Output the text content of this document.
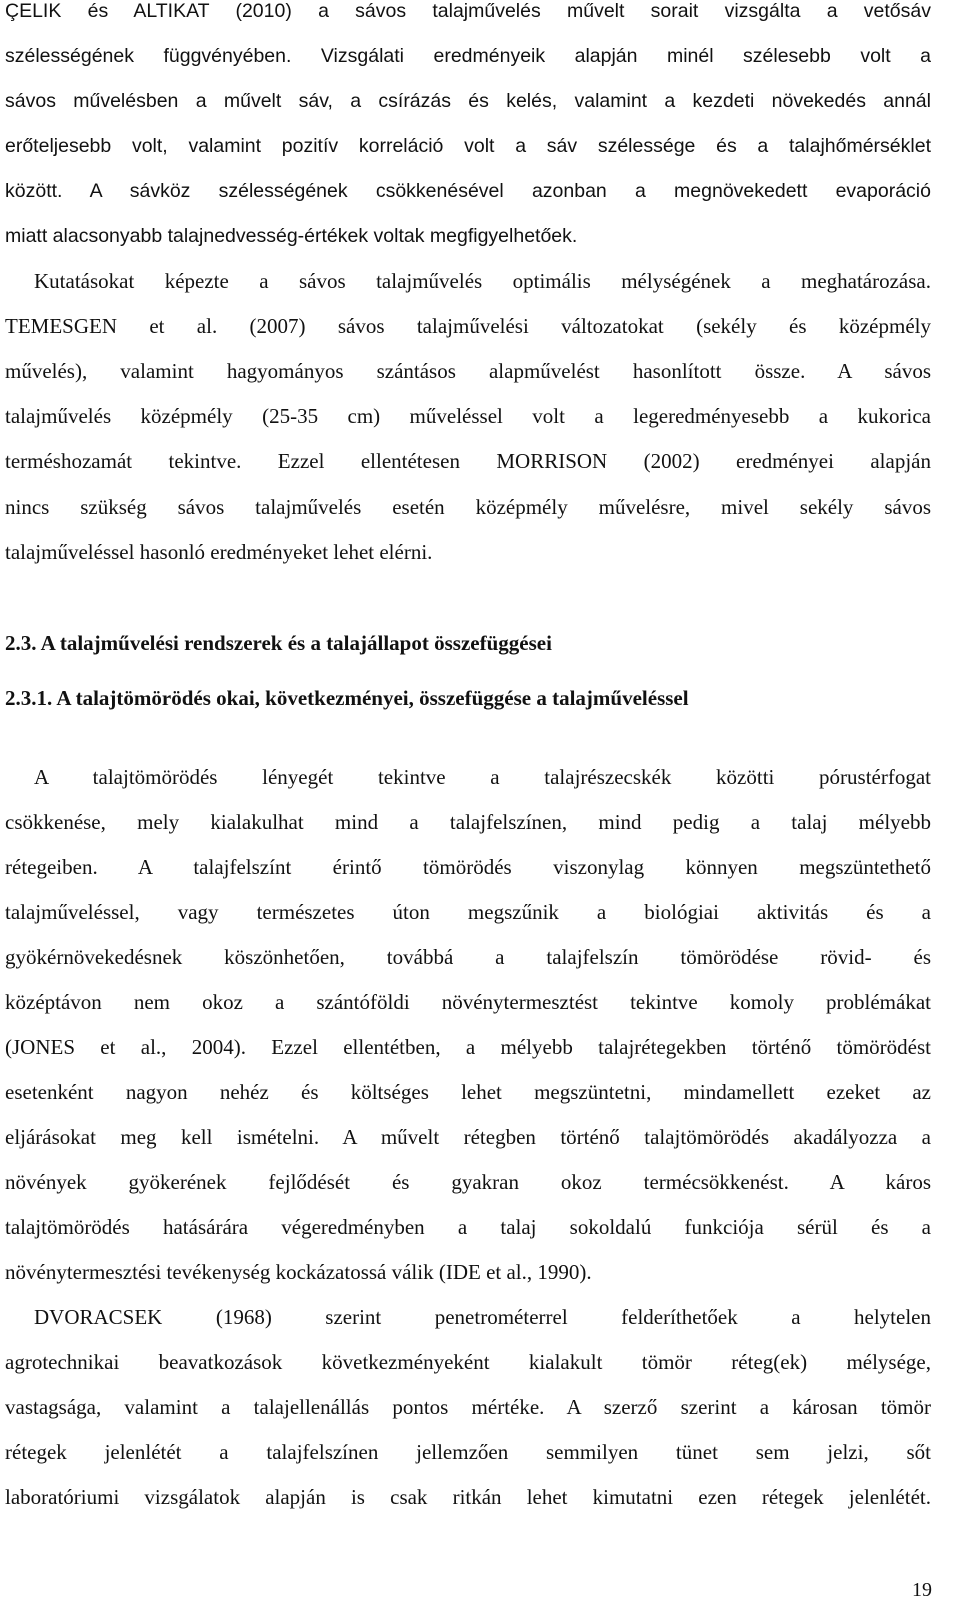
ÇELIK és ALTIKAT (2010) a sávos talajművelés művelt sorait vizsgálta a vetősáv
szélességének függvényében. Vizsgálati eredményeik alapján minél szélesebb volt a
sávos művelésben a művelt sáv, a csírázás és kelés, valamint a kezdeti növekedés annál
erőteljesebb volt, valamint pozitív korreláció volt a sáv szélessége és a talajhőmérséklet
között. A sávköz szélességének csökkenésével azonban a megnövekedett evaporáció
miatt alacsonyabb talajnedvesség-értékek voltak megfigyelhetőek.
Kutatásokat képezte a sávos talajművelés optimális mélységének a meghatározása.
TEMESGEN et al. (2007) sávos talajművelési változatokat (sekély és középmély
művelés), valamint hagyományos szántásos alapművelést hasonlított össze. A sávos
talajművelés középmély (25-35 cm) műveléssel volt a legeredményesebb a kukorica
terméshozamát tekintve. Ezzel ellentétesen MORRISON (2002) eredményei alapján
nincs szükség sávos talajművelés esetén középmély művelésre, mivel sekély sávos
talajműveléssel hasonló eredményeket lehet elérni.
2.3. A talajművelési rendszerek és a talajállapot összefüggései
2.3.1. A talajtömörödés okai, következményei, összefüggése a talajműveléssel
A talajtömörödés lényegét tekintve a talajrészecskék közötti pórustérfogat
csökkenése, mely kialakulhat mind a talajfelszínen, mind pedig a talaj mélyebb
rétegeiben. A talajfelszínt érintő tömörödés viszonylag könnyen megszüntethető
talajműveléssel, vagy természetes úton megszűnik a biológiai aktivitás és a
gyökérnövekedésnek köszönhetően, továbbá a talajfelszín tömörödése rövid- és
középtávon nem okoz a szántóföldi növénytermesztést tekintve komoly problémákat
(JONES et al., 2004). Ezzel ellentétben, a mélyebb talajrétegekben történő tömörödést
esetenként nagyon nehéz és költséges lehet megszüntetni, mindamellett ezeket az
eljárásokat meg kell ismételni. A művelt rétegben történő talajtömörödés akadályozza a
növények gyökerének fejlődését és gyakran okoz termécsökkenést. A káros
talajtömörödés hatásárára végeredményben a talaj sokoldalú funkciója sérül és a
növénytermesztési tevékenység kockázatossá válik (IDE et al., 1990).
DVORACSEK (1968) szerint penetrométerrel felderíthetőek a helytelen
agrotechnikai beavatkozások következményeként kialakult tömör réteg(ek) mélysége,
vastagsága, valamint a talajellenállás pontos mértéke. A szerző szerint a károsan tömör
rétegek jelenlétét a talajfelszínen jellemzően semmilyen tünet sem jelzi, sőt
laboratóriumi vizsgálatok alapján is csak ritkán lehet kimutatni ezen rétegek jelenlétét.
19
